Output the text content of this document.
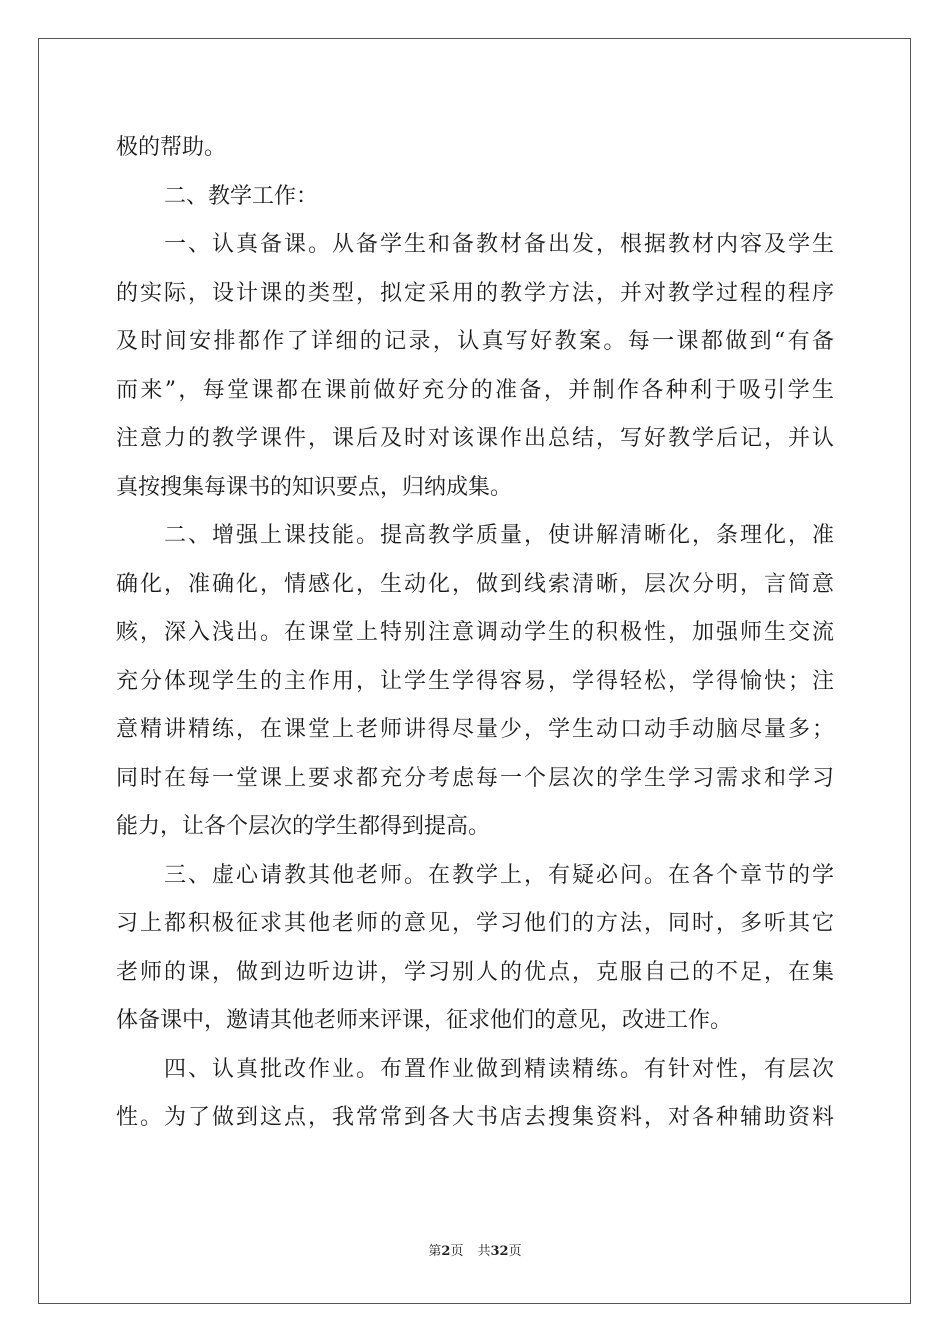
极的帮助。
二、教学工作：
一、认真备课。从备学生和备教材备出发，根据教材内容及学生
的实际，设计课的类型，拟定采用的教学方法，并对教学过程的程序
及时间安排都作了详细的记录，认真写好教案。每一课都做到“有备
而来”，每堂课都在课前做好充分的准备，并制作各种利于吸引学生
注意力的教学课件，课后及时对该课作出总结，写好教学后记，并认
真按搜集每课书的知识要点，归纳成集。
二、增强上课技能。提高教学质量，使讲解清晰化，条理化，准
确化，准确化，情感化，生动化，做到线索清晰，层次分明，言简意
赅，深入浅出。在课堂上特别注意调动学生的积极性，加强师生交流
充分体现学生的主作用，让学生学得容易，学得轻松，学得愉快；注
意精讲精练，在课堂上老师讲得尽量少，学生动口动手动脑尽量多；
同时在每一堂课上要求都充分考虑每一个层次的学生学习需求和学习
能力，让各个层次的学生都得到提高。
三、虚心请教其他老师。在教学上，有疑必问。在各个章节的学
习上都积极征求其他老师的意见，学习他们的方法，同时，多听其它
老师的课，做到边听边讲，学习别人的优点，克服自己的不足，在集
体备课中，邀请其他老师来评课，征求他们的意见，改进工作。
四、认真批改作业。布置作业做到精读精练。有针对性，有层次
性。为了做到这点，我常常到各大书店去搜集资料，对各种辅助资料
第2页 共32页
